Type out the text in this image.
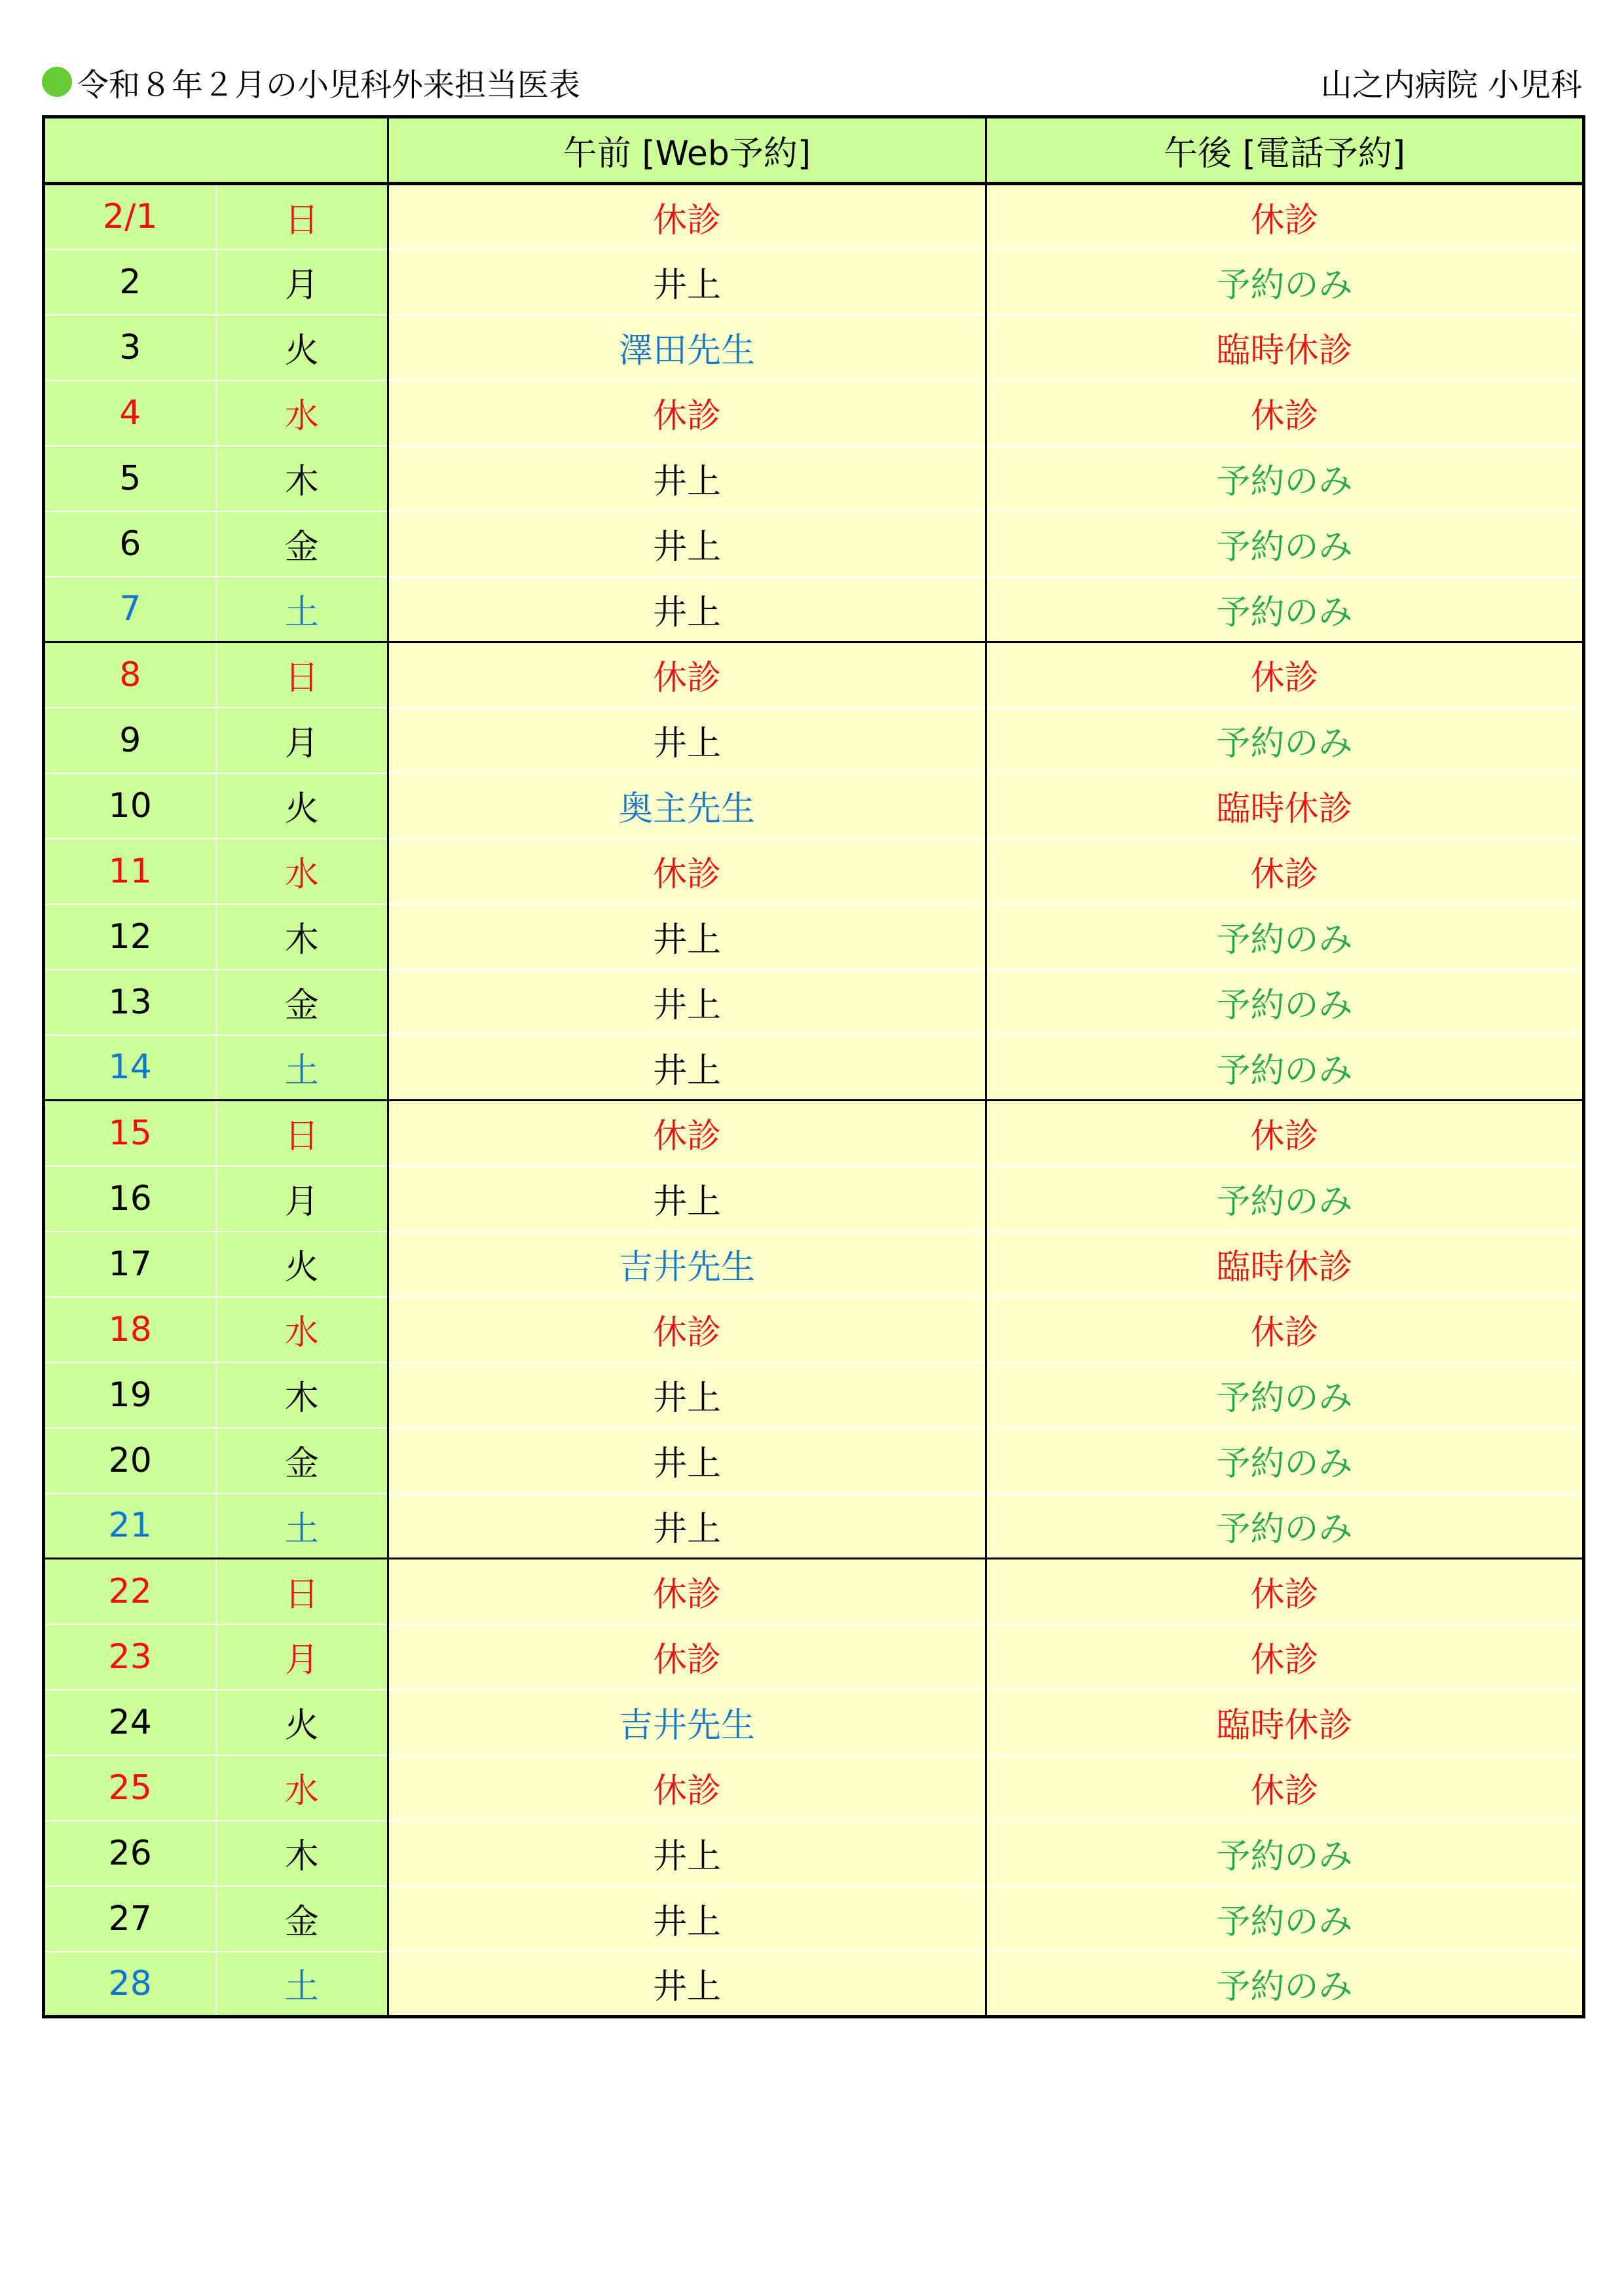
令和８年２月の小児科外来担当医表	山之内病院 小児科
		午前 [Web予約]	午後 [電話予約]
2/1	日	休診	休診
2	月	井上	予約のみ
3	火	澤田先生	臨時休診
4	水	休診	休診
5	木	井上	予約のみ
6	金	井上	予約のみ
7	土	井上	予約のみ
8	日	休診	休診
9	月	井上	予約のみ
10	火	奥主先生	臨時休診
11	水	休診	休診
12	木	井上	予約のみ
13	金	井上	予約のみ
14	土	井上	予約のみ
15	日	休診	休診
16	月	井上	予約のみ
17	火	吉井先生	臨時休診
18	水	休診	休診
19	木	井上	予約のみ
20	金	井上	予約のみ
21	土	井上	予約のみ
22	日	休診	休診
23	月	休診	休診
24	火	吉井先生	臨時休診
25	水	休診	休診
26	木	井上	予約のみ
27	金	井上	予約のみ
28	土	井上	予約のみ
